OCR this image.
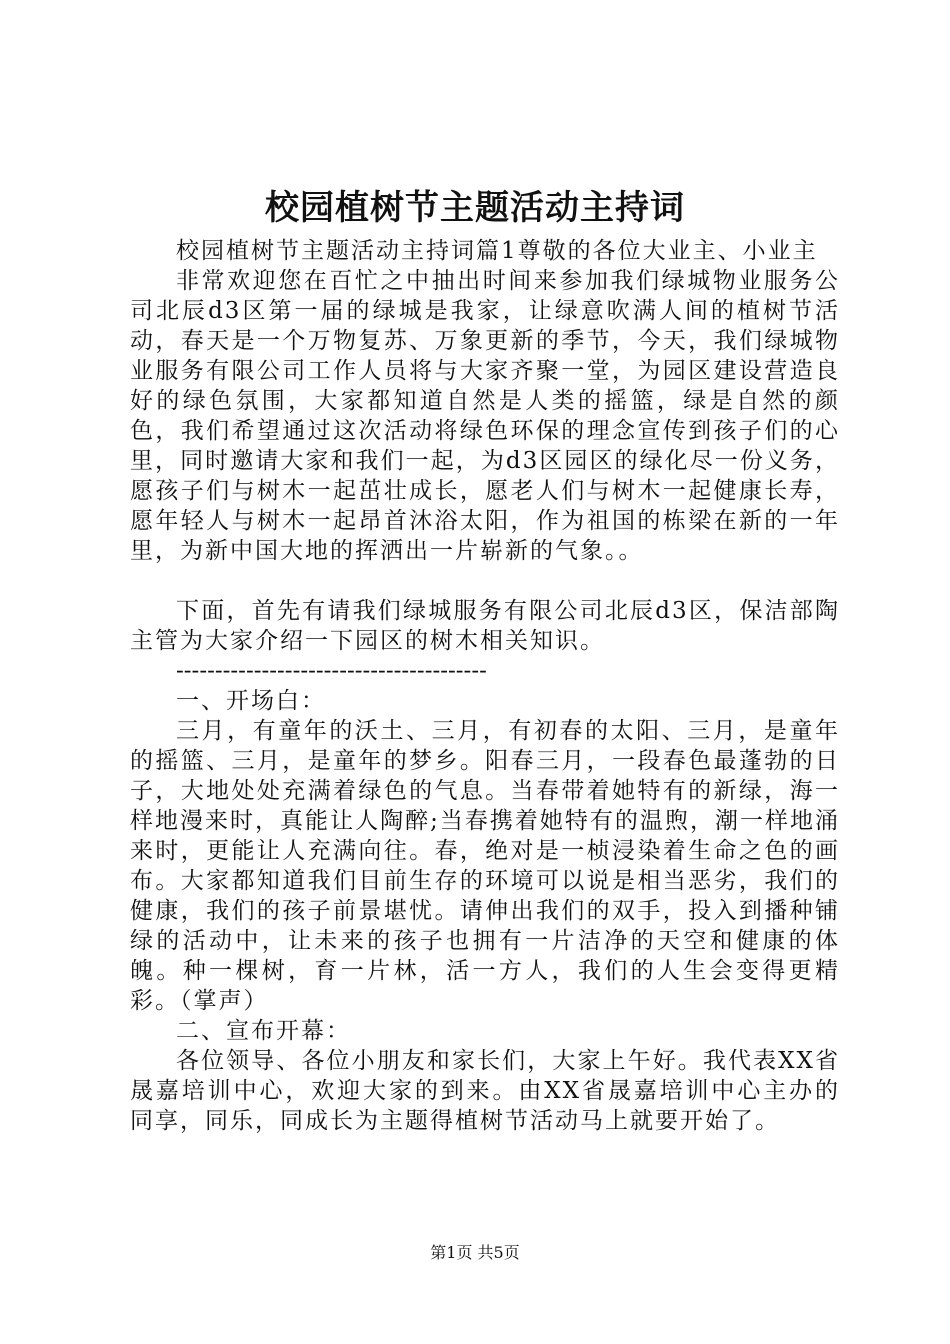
校园植树节主题活动主持词

校园植树节主题活动主持词篇1尊敬的各位大业主、小业主

非常欢迎您在百忙之中抽出时间来参加我们绿城物业服务公司北辰d3区第一届的绿城是我家，让绿意吹满人间的植树节活动，春天是一个万物复苏、万象更新的季节，今天，我们绿城物业服务有限公司工作人员将与大家齐聚一堂，为园区建设营造良好的绿色氛围，大家都知道自然是人类的摇篮，绿是自然的颜色，我们希望通过这次活动将绿色环保的理念宣传到孩子们的心里，同时邀请大家和我们一起，为d3区园区的绿化尽一份义务，愿孩子们与树木一起茁壮成长，愿老人们与树木一起健康长寿，愿年轻人与树木一起昂首沐浴太阳，作为祖国的栋梁在新的一年里，为新中国大地的挥洒出一片崭新的气象。。

下面，首先有请我们绿城服务有限公司北辰d3区，保洁部陶主管为大家介绍一下园区的树木相关知识。

----------------------------------------

一、开场白：

三月，有童年的沃土、三月，有初春的太阳、三月，是童年的摇篮、三月，是童年的梦乡。阳春三月，一段春色最蓬勃的日子，大地处处充满着绿色的气息。当春带着她特有的新绿，海一样地漫来时，真能让人陶醉;当春携着她特有的温煦，潮一样地涌来时，更能让人充满向往。春，绝对是一桢浸染着生命之色的画布。大家都知道我们目前生存的环境可以说是相当恶劣，我们的健康，我们的孩子前景堪忧。请伸出我们的双手，投入到播种铺绿的活动中，让未来的孩子也拥有一片洁净的天空和健康的体魄。种一棵树，育一片林，活一方人，我们的人生会变得更精彩。（掌声）

二、宣布开幕：

各位领导、各位小朋友和家长们，大家上午好。我代表XX省晟嘉培训中心，欢迎大家的到来。由XX省晟嘉培训中心主办的同享，同乐，同成长为主题得植树节活动马上就要开始了。

第1页 共5页
